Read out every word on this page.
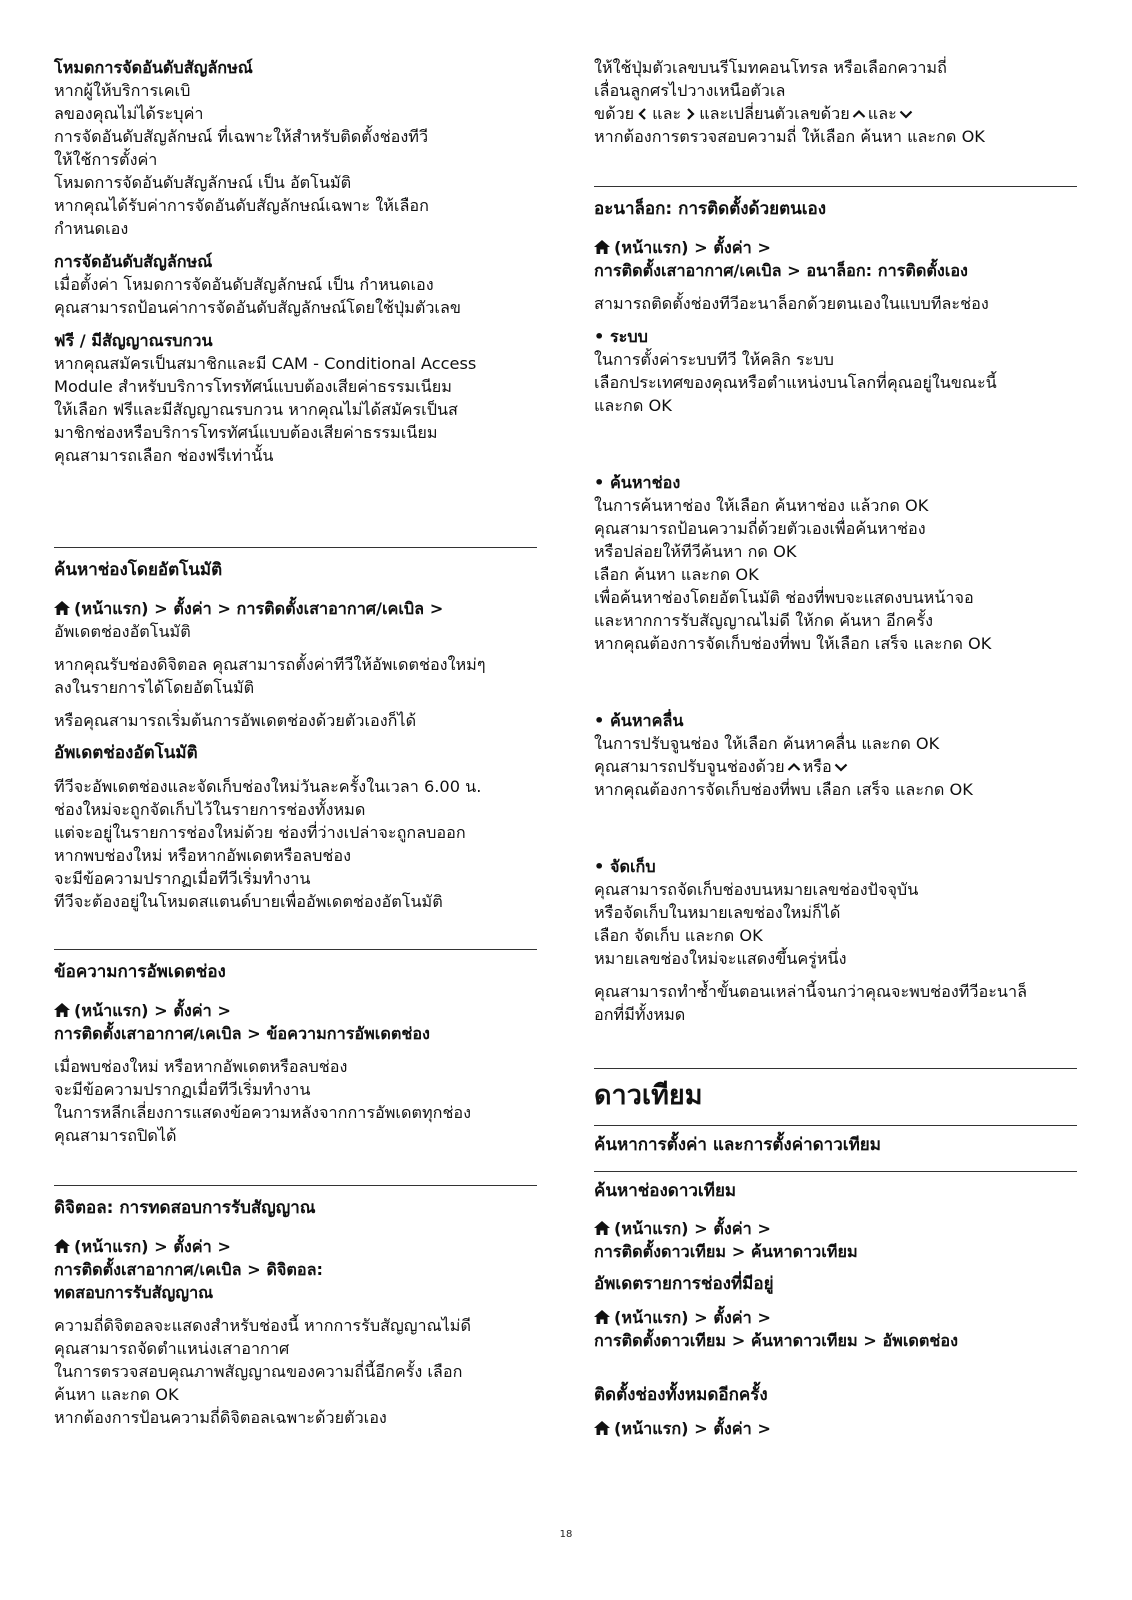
โหมดการจัดอันดับสัญลักษณ์

หากผู้ให้บริการเคเบิ

ลของคุณไม่ได้ระบุค่า

การจัดอันดับสัญลักษณ์ ที่เฉพาะให้สำหรับติดตั้งช่องทีวี

ให้ใช้การตั้งค่า

โหมดการจัดอันดับสัญลักษณ์ เป็น อัตโนมัติ

หากคุณได้รับค่าการจัดอันดับสัญลักษณ์เฉพาะ ให้เลือก

กำหนดเอง

การจัดอันดับสัญลักษณ์

เมื่อตั้งค่า โหมดการจัดอันดับสัญลักษณ์ เป็น กำหนดเอง

คุณสามารถป้อนค่าการจัดอันดับสัญลักษณ์โดยใช้ปุ่มตัวเลข

ฟรี / มีสัญญาณรบกวน

หากคุณสมัครเป็นสมาชิกและมี CAM - Conditional Access

Module สำหรับบริการโทรทัศน์แบบต้องเสียค่าธรรมเนียม

ให้เลือก ฟรีและมีสัญญาณรบกวน หากคุณไม่ได้สมัครเป็นส

มาชิกช่องหรือบริการโทรทัศน์แบบต้องเสียค่าธรรมเนียม

คุณสามารถเลือก ช่องฟรีเท่านั้น

ค้นหาช่องโดยอัตโนมัติ

(หน้าแรก) > ตั้งค่า > การติดตั้งเสาอากาศ/เคเบิล >

อัพเดตช่องอัตโนมัติ

หากคุณรับช่องดิจิตอล คุณสามารถตั้งค่าทีวีให้อัพเดตช่องใหม่ๆ

ลงในรายการได้โดยอัตโนมัติ

หรือคุณสามารถเริ่มต้นการอัพเดตช่องด้วยตัวเองก็ได้

อัพเดตช่องอัตโนมัติ

ทีวีจะอัพเดตช่องและจัดเก็บช่องใหม่วันละครั้งในเวลา 6.00 น.

ช่องใหม่จะถูกจัดเก็บไว้ในรายการช่องทั้งหมด

แต่จะอยู่ในรายการช่องใหม่ด้วย ช่องที่ว่างเปล่าจะถูกลบออก

หากพบช่องใหม่ หรือหากอัพเดตหรือลบช่อง

จะมีข้อความปรากฏเมื่อทีวีเริ่มทำงาน

ทีวีจะต้องอยู่ในโหมดสแตนด์บายเพื่ออัพเดตช่องอัตโนมัติ

ข้อความการอัพเดตช่อง

(หน้าแรก) > ตั้งค่า >

การติดตั้งเสาอากาศ/เคเบิล > ข้อความการอัพเดตช่อง

เมื่อพบช่องใหม่ หรือหากอัพเดตหรือลบช่อง

จะมีข้อความปรากฏเมื่อทีวีเริ่มทำงาน

ในการหลีกเลี่ยงการแสดงข้อความหลังจากการอัพเดตทุกช่อง

คุณสามารถปิดได้

ดิจิตอล: การทดสอบการรับสัญญาณ

(หน้าแรก) > ตั้งค่า >

การติดตั้งเสาอากาศ/เคเบิล > ดิจิตอล:

ทดสอบการรับสัญญาณ

ความถี่ดิจิตอลจะแสดงสำหรับช่องนี้ หากการรับสัญญาณไม่ดี

คุณสามารถจัดตำแหน่งเสาอากาศ

ในการตรวจสอบคุณภาพสัญญาณของความถี่นี้อีกครั้ง เลือก

ค้นหา และกด OK

หากต้องการป้อนความถี่ดิจิตอลเฉพาะด้วยตัวเอง

ให้ใช้ปุ่มตัวเลขบนรีโมทคอนโทรล หรือเลือกความถี่

เลื่อนลูกศรไปวางเหนือตัวเล

ขด้วย และ และเปลี่ยนตัวเลขด้วย และ

หากต้องการตรวจสอบความถี่ ให้เลือก ค้นหา และกด OK

อะนาล็อก: การติดตั้งด้วยตนเอง

(หน้าแรก) > ตั้งค่า >

การติดตั้งเสาอากาศ/เคเบิล > อนาล็อก: การติดตั้งเอง

สามารถติดตั้งช่องทีวีอะนาล็อกด้วยตนเองในแบบทีละช่อง

• ระบบ

ในการตั้งค่าระบบทีวี ให้คลิก ระบบ

เลือกประเทศของคุณหรือตำแหน่งบนโลกที่คุณอยู่ในขณะนี้

และกด OK

• ค้นหาช่อง

ในการค้นหาช่อง ให้เลือก ค้นหาช่อง แล้วกด OK

คุณสามารถป้อนความถี่ด้วยตัวเองเพื่อค้นหาช่อง

หรือปล่อยให้ทีวีค้นหา กด OK

เลือก ค้นหา และกด OK

เพื่อค้นหาช่องโดยอัตโนมัติ ช่องที่พบจะแสดงบนหน้าจอ

และหากการรับสัญญาณไม่ดี ให้กด ค้นหา อีกครั้ง

หากคุณต้องการจัดเก็บช่องที่พบ ให้เลือก เสร็จ และกด OK

• ค้นหาคลื่น

ในการปรับจูนช่อง ให้เลือก ค้นหาคลื่น และกด OK

คุณสามารถปรับจูนช่องด้วย หรือ

หากคุณต้องการจัดเก็บช่องที่พบ เลือก เสร็จ และกด OK

• จัดเก็บ

คุณสามารถจัดเก็บช่องบนหมายเลขช่องปัจจุบัน

หรือจัดเก็บในหมายเลขช่องใหม่ก็ได้

เลือก จัดเก็บ และกด OK

หมายเลขช่องใหม่จะแสดงขึ้นครู่หนึ่ง

คุณสามารถทำซ้ำขั้นตอนเหล่านี้จนกว่าคุณจะพบช่องทีวีอะนาล็

อกที่มีทั้งหมด

ดาวเทียม

ค้นหาการตั้งค่า และการตั้งค่าดาวเทียม

ค้นหาช่องดาวเทียม

(หน้าแรก) > ตั้งค่า >

การติดตั้งดาวเทียม > ค้นหาดาวเทียม

อัพเดตรายการช่องที่มีอยู่

(หน้าแรก) > ตั้งค่า >

การติดตั้งดาวเทียม > ค้นหาดาวเทียม > อัพเดตช่อง

ติดตั้งช่องทั้งหมดอีกครั้ง

(หน้าแรก) > ตั้งค่า >

18
